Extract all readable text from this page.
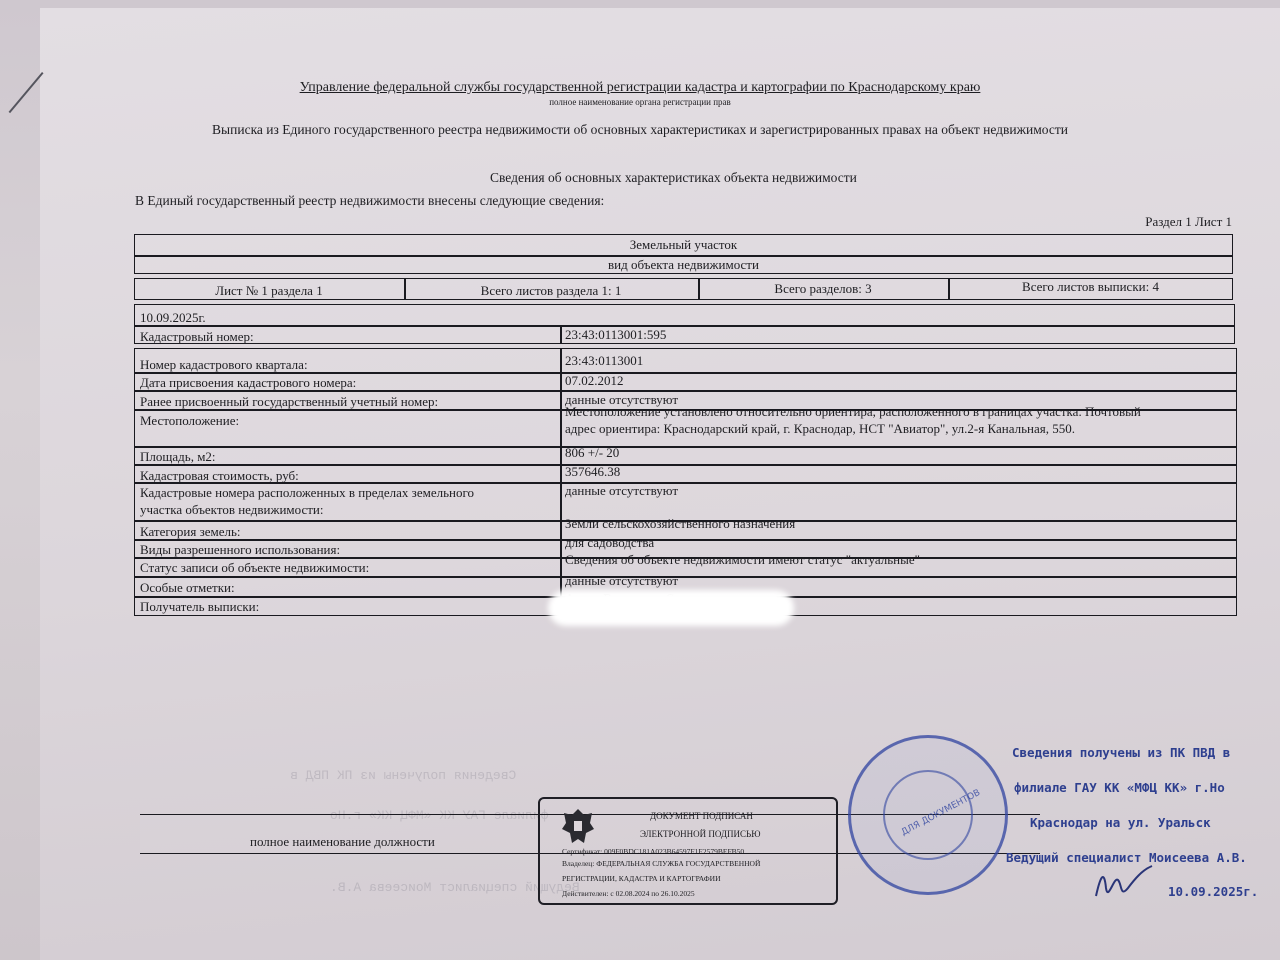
Сведения получены из ПК ПВД в
филиале ГАУ КК «МФЦ КК» г.Но
Ведущий специалист Моисеева А.В.
Управление федеральной службы государственной регистрации кадастра и картографии по Краснодарскому краю
полное наименование органа регистрации прав
Выписка из Единого государственного реестра недвижимости об основных характеристиках и зарегистрированных правах на объект недвижимости
Сведения об основных характеристиках объекта недвижимости
В Единый государственный реестр недвижимости внесены следующие сведения:
Раздел 1 Лист 1
Земельный участок
вид объекта недвижимости
Лист № 1 раздела 1	Всего листов раздела 1: 1	Всего разделов: 3	Всего листов выписки: 4
10.09.2025г.
Кадастровый номер:	23:43:0113001:595
Номер кадастрового квартала:	23:43:0113001
Дата присвоения кадастрового номера:	07.02.2012
Ранее присвоенный государственный учетный номер:	данные отсутствуют
Местоположение:
Местоположение установлено относительно ориентира, расположенного в границах участка. Почтовый
адрес ориентира: Краснодарский край, г. Краснодар, НСТ "Авиатор", ул.2-я Канальная, 550.
Площадь, м2:	806 +/- 20
Кадастровая стоимость, руб:	357646.38
Кадастровые номера расположенных в пределах земельного
участка объектов недвижимости:
данные отсутствуют
Категория земель:
Земли сельскохозяйственного назначения
Виды разрешенного использования:	для садоводства
Статус записи об объекте недвижимости:
Сведения об объекте недвижимости имеют статус "актуальные"
Особые отметки:	данные отсутствуют
Получатель выписки:
полное наименование должности
ДОКУМЕНТ ПОДПИСАН
ЭЛЕКТРОННОЙ ПОДПИСЬЮ
Сертификат: 009F0BDC181A023B64597F1E2579BEFB50
Владелец: ФЕДЕРАЛЬНАЯ СЛУЖБА ГОСУДАРСТВЕННОЙ
РЕГИСТРАЦИИ, КАДАСТРА И КАРТОГРАФИИ
Действителен: с 02.08.2024 по 26.10.2025
ДЛЯ ДОКУМЕНТОВ
Сведения получены из ПК ПВД в
филиале ГАУ КК «МФЦ КК» г.Но
Краснодар на ул. Уральск
Ведущий специалист Моисеева А.В.
10.09.2025г.
